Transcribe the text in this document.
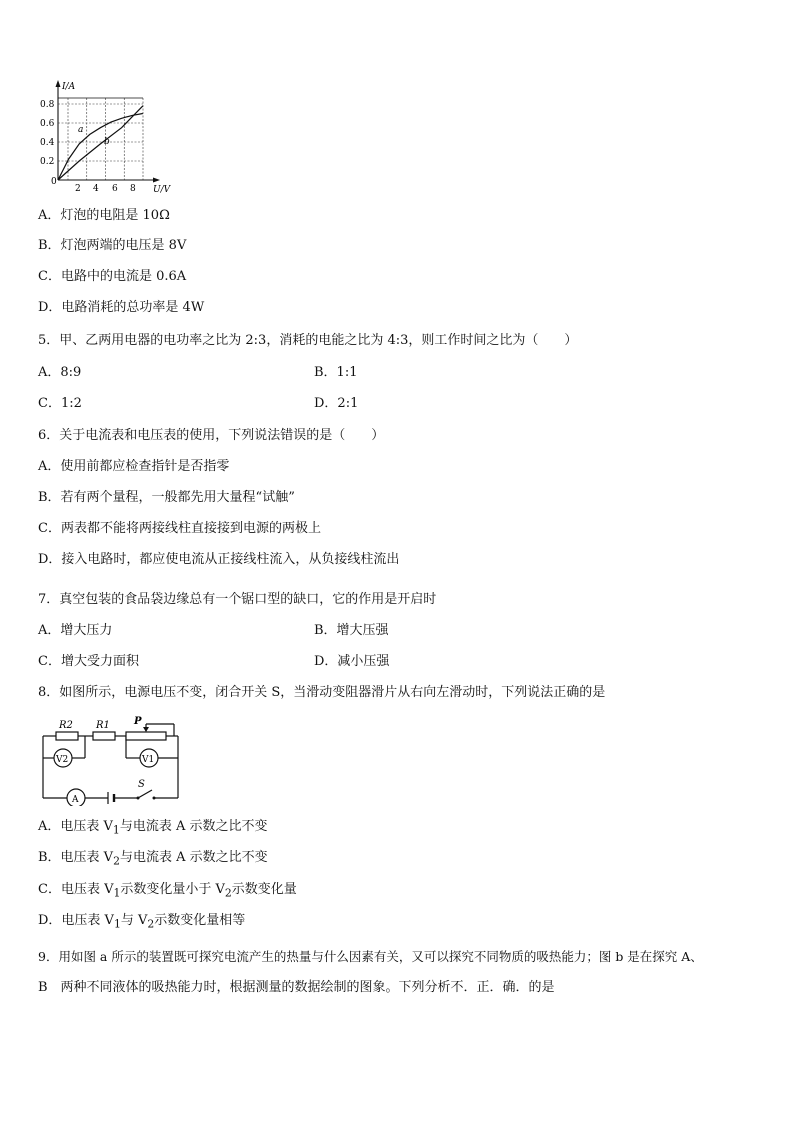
I/A
U/V
0.8
0.6
0.4
0.2
0
2 4 6 8
a
b
A．灯泡的电阻是 10Ω
B．灯泡两端的电压是 8V
C．电路中的电流是 0.6A
D．电路消耗的总功率是 4W
5．甲、乙两用电器的电功率之比为 2:3，消耗的电能之比为 4:3，则工作时间之比为（　　）
A．8:9	B．1:1
C．1:2	D．2:1
6．关于电流表和电压表的使用，下列说法错误的是（　　）
A．使用前都应检查指针是否指零
B．若有两个量程，一般都先用大量程“试触”
C．两表都不能将两接线柱直接接到电源的两极上
D．接入电路时，都应使电流从正接线柱流入，从负接线柱流出
7．真空包装的食品袋边缘总有一个锯口型的缺口，它的作用是开启时
A．增大压力	B．增大压强
C．增大受力面积	D．减小压强
8．如图所示，电源电压不变，闭合开关 S，当滑动变阻器滑片从右向左滑动时，下列说法正确的是
R2 R1 P
V2	V1
A
S
A．电压表 $V_1$与电流表 A 示数之比不变
B．电压表 $V_2$与电流表 A 示数之比不变
C．电压表 $V_1$示数变化量小于 $V_2$示数变化量
D．电压表 $V_1$与 $V_2$示数变化量相等
9．用如图 a 所示的装置既可探究电流产生的热量与什么因素有关，又可以探究不同物质的吸热能力；图 b 是在探究 A、
B　两种不同液体的吸热能力时，根据测量的数据绘制的图象。下列分析不．正．确．的是
